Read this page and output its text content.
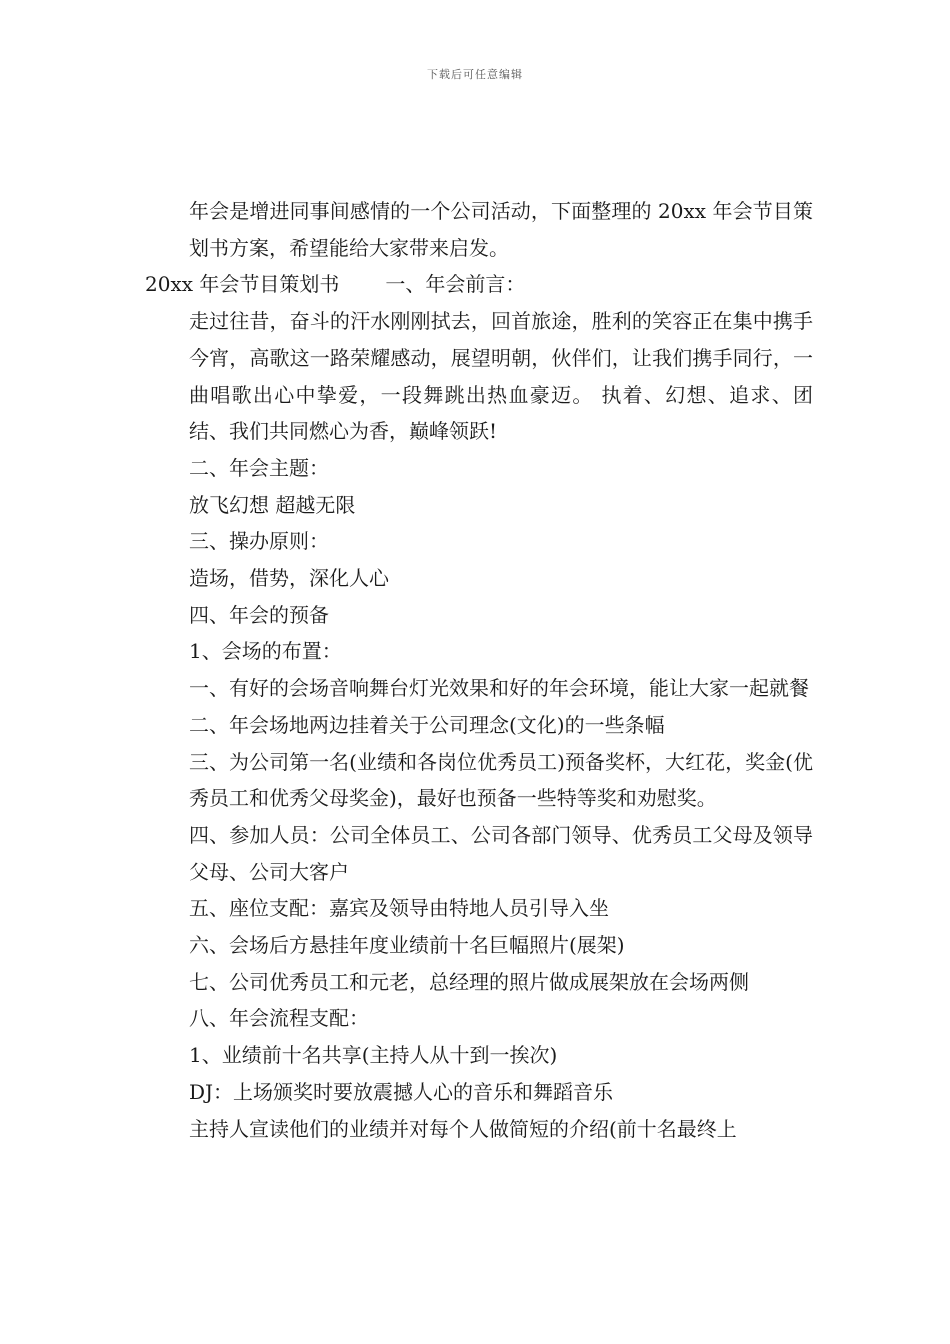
下载后可任意编辑

年会是增进同事间感情的一个公司活动，下面整理的 20xx 年会节目策划书方案，希望能给大家带来启发。

20xx 年会节目策划书 一、年会前言：

走过往昔，奋斗的汗水刚刚拭去，回首旅途，胜利的笑容正在集中携手今宵，高歌这一路荣耀感动，展望明朝，伙伴们，让我们携手同行，一曲唱歌出心中挚爱，一段舞跳出热血豪迈。 执着、幻想、追求、团结、我们共同燃心为香，巅峰领跃!

二、年会主题：

放飞幻想 超越无限

三、操办原则：

造场，借势，深化人心

四、年会的预备

1、会场的布置：

一、有好的会场音响舞台灯光效果和好的年会环境，能让大家一起就餐

二、年会场地两边挂着关于公司理念(文化)的一些条幅

三、为公司第一名(业绩和各岗位优秀员工)预备奖杯，大红花，奖金(优秀员工和优秀父母奖金)，最好也预备一些特等奖和劝慰奖。

四、参加人员：公司全体员工、公司各部门领导、优秀员工父母及领导父母、公司大客户

五、座位支配：嘉宾及领导由特地人员引导入坐

六、会场后方悬挂年度业绩前十名巨幅照片(展架)

七、公司优秀员工和元老，总经理的照片做成展架放在会场两侧

八、年会流程支配：

1、业绩前十名共享(主持人从十到一挨次)

DJ：上场颁奖时要放震撼人心的音乐和舞蹈音乐

主持人宣读他们的业绩并对每个人做简短的介绍(前十名最终上
